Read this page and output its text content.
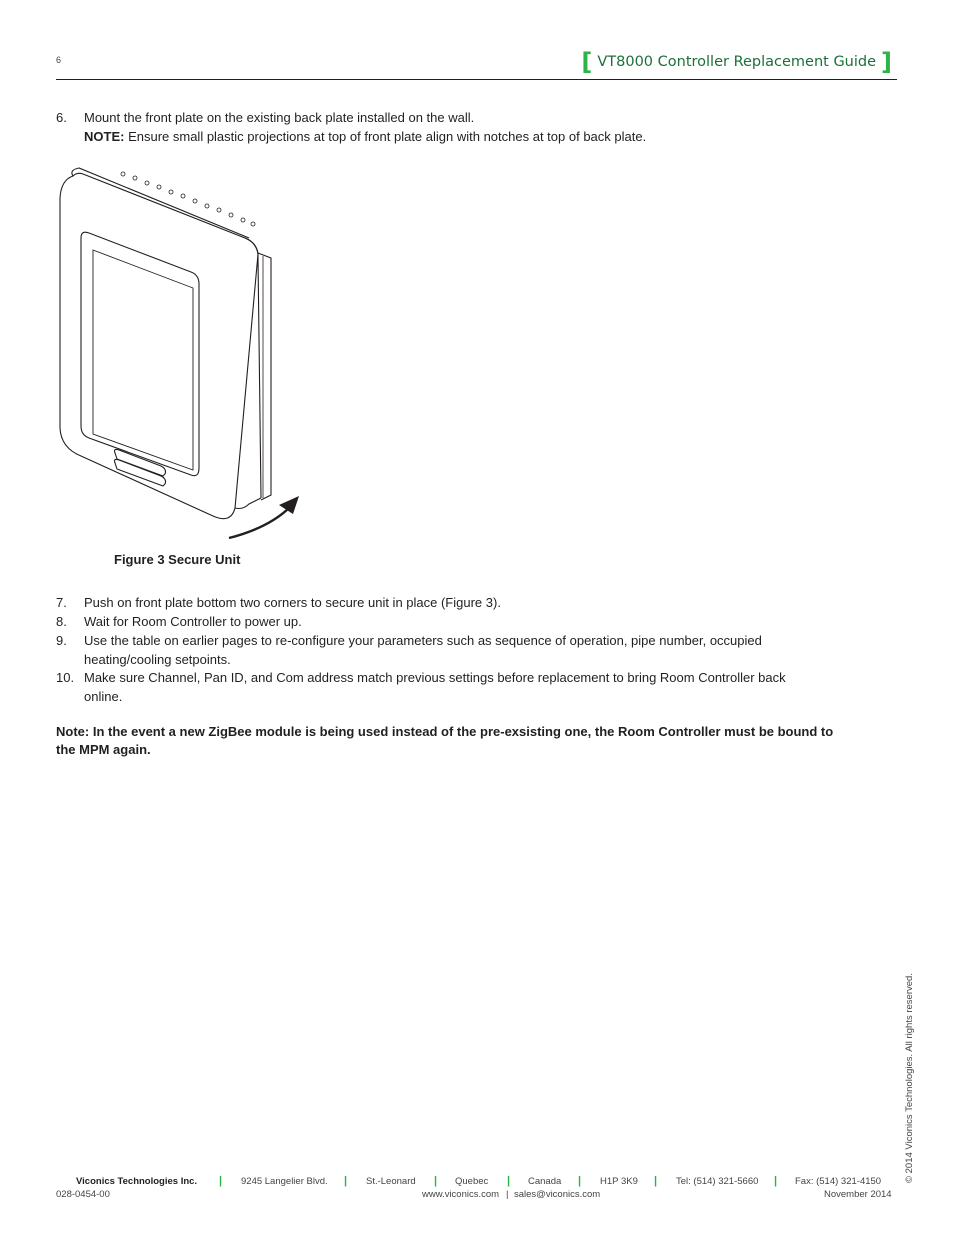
6	[ VT8000 Controller Replacement Guide ]
6. Mount the front plate on the existing back plate installed on the wall.
NOTE: Ensure small plastic projections at top of front plate align with notches at top of back plate.
Figure 3 Secure Unit
7. Push on front plate bottom two corners to secure unit in place (Figure 3).
8. Wait for Room Controller to power up.
9. Use the table on earlier pages to re-configure your parameters such as sequence of operation, pipe number, occupied heating/cooling setpoints.
10. Make sure Channel, Pan ID, and Com address match previous settings before replacement to bring Room Controller back online.
Note: In the event a new ZigBee module is being used instead of the pre-exsisting one, the Room Controller must be bound to the MPM again.
© 2014 Viconics Technologies. All rights reserved.
Viconics Technologies Inc. | 9245 Langelier Blvd. | St.-Leonard | Quebec | Canada | H1P 3K9 | Tel: (514) 321-5660 | Fax: (514) 321-4150
028-0454-00	www.viconics.com | sales@viconics.com	November 2014
